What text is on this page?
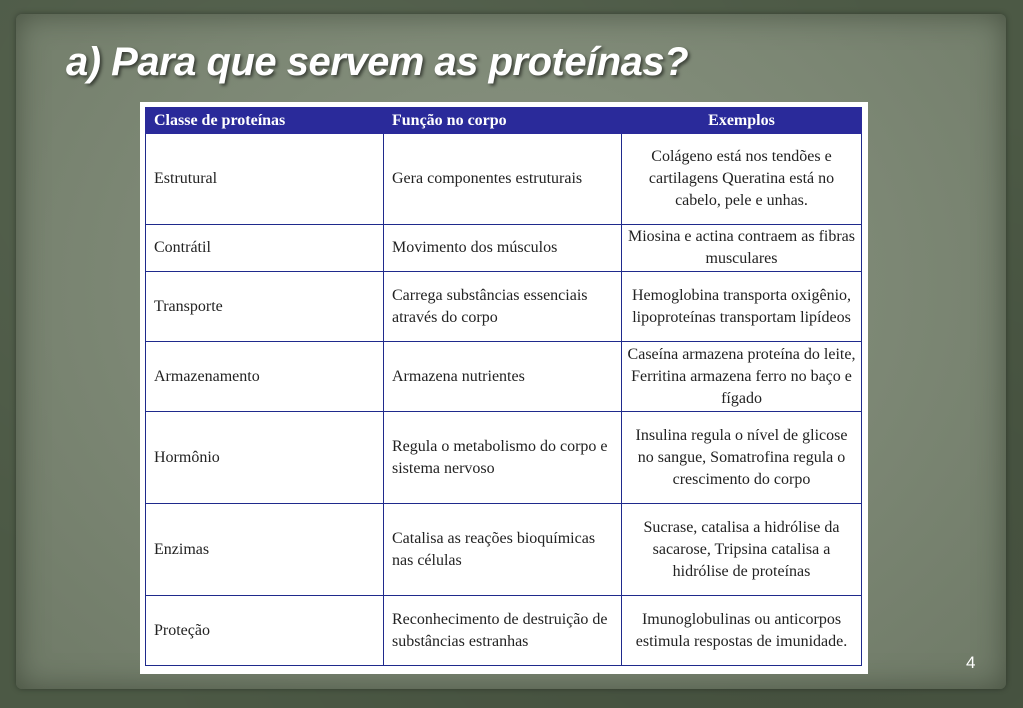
a) Para que servem as proteínas?
Classe de proteínas	Função no corpo	Exemplos
Estrutural	Gera componentes estruturais	Colágeno está nos tendões e cartilagens Queratina está no cabelo, pele e unhas.
Contrátil	Movimento dos músculos	Miosina e actina contraem as fibras musculares
Transporte	Carrega substâncias essenciais através do corpo	Hemoglobina transporta oxigênio, lipoproteínas transportam lipídeos
Armazenamento	Armazena nutrientes	Caseína armazena proteína do leite, Ferritina armazena ferro no baço e fígado
Hormônio	Regula o metabolismo do corpo e sistema nervoso	Insulina regula o nível de glicose no sangue, Somatrofina regula o crescimento do corpo
Enzimas	Catalisa as reações bioquímicas nas células	Sucrase, catalisa a hidrólise da sacarose, Tripsina catalisa a hidrólise de proteínas
Proteção	Reconhecimento de destruição de substâncias estranhas	Imunoglobulinas ou anticorpos estimula respostas de imunidade.
4
